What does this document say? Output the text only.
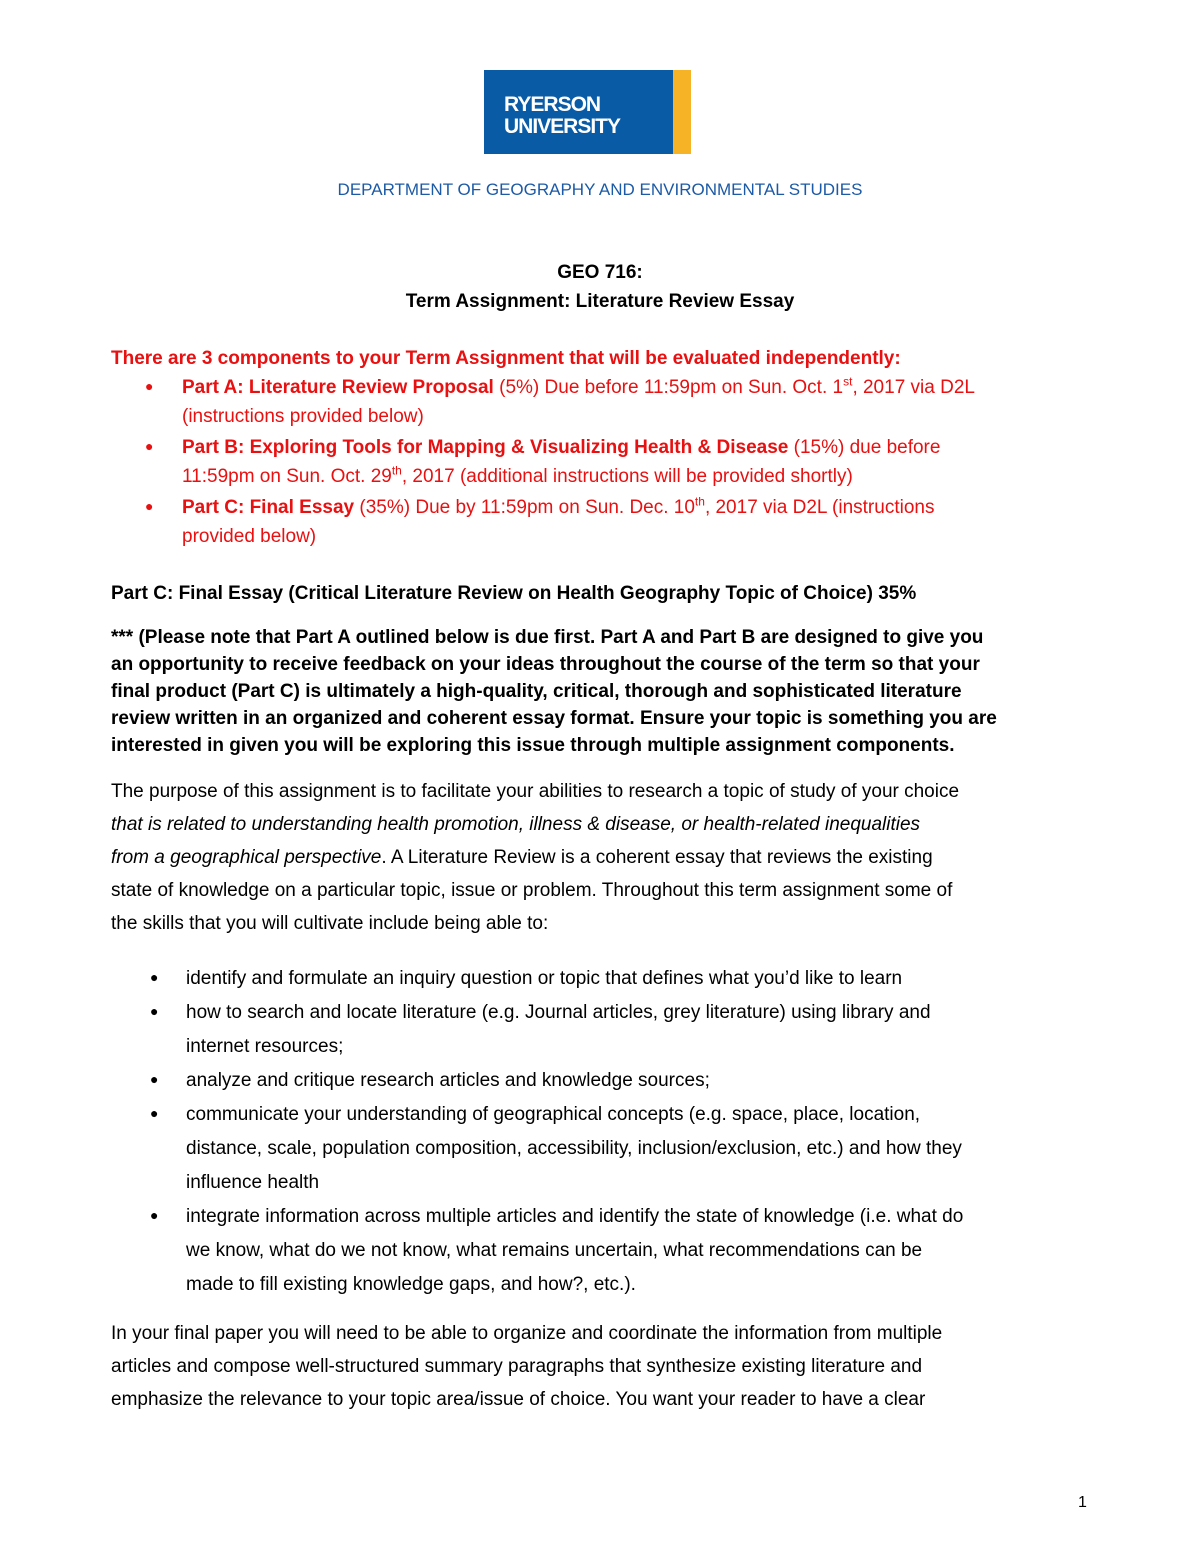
RYERSON
UNIVERSITY
DEPARTMENT OF GEOGRAPHY AND ENVIRONMENTAL STUDIES
GEO 716:
Term Assignment: Literature Review Essay
There are 3 components to your Term Assignment that will be evaluated independently:
● Part A: Literature Review Proposal (5%) Due before 11:59pm on Sun. Oct. 1st, 2017 via D2L
(instructions provided below)
● Part B: Exploring Tools for Mapping & Visualizing Health & Disease (15%) due before
11:59pm on Sun. Oct. 29th, 2017 (additional instructions will be provided shortly)
● Part C: Final Essay (35%) Due by 11:59pm on Sun. Dec. 10th, 2017 via D2L (instructions
provided below)
Part C: Final Essay (Critical Literature Review on Health Geography Topic of Choice) 35%
*** (Please note that Part A outlined below is due first. Part A and Part B are designed to give you
an opportunity to receive feedback on your ideas throughout the course of the term so that your
final product (Part C) is ultimately a high-quality, critical, thorough and sophisticated literature
review written in an organized and coherent essay format. Ensure your topic is something you are
interested in given you will be exploring this issue through multiple assignment components.
The purpose of this assignment is to facilitate your abilities to research a topic of study of your choice
that is related to understanding health promotion, illness & disease, or health-related inequalities
from a geographical perspective. A Literature Review is a coherent essay that reviews the existing
state of knowledge on a particular topic, issue or problem. Throughout this term assignment some of
the skills that you will cultivate include being able to:
● identify and formulate an inquiry question or topic that defines what you’d like to learn
● how to search and locate literature (e.g. Journal articles, grey literature) using library and
internet resources;
● analyze and critique research articles and knowledge sources;
● communicate your understanding of geographical concepts (e.g. space, place, location,
distance, scale, population composition, accessibility, inclusion/exclusion, etc.) and how they
influence health
● integrate information across multiple articles and identify the state of knowledge (i.e. what do
we know, what do we not know, what remains uncertain, what recommendations can be
made to fill existing knowledge gaps, and how?, etc.).
In your final paper you will need to be able to organize and coordinate the information from multiple
articles and compose well-structured summary paragraphs that synthesize existing literature and
emphasize the relevance to your topic area/issue of choice. You want your reader to have a clear
1
